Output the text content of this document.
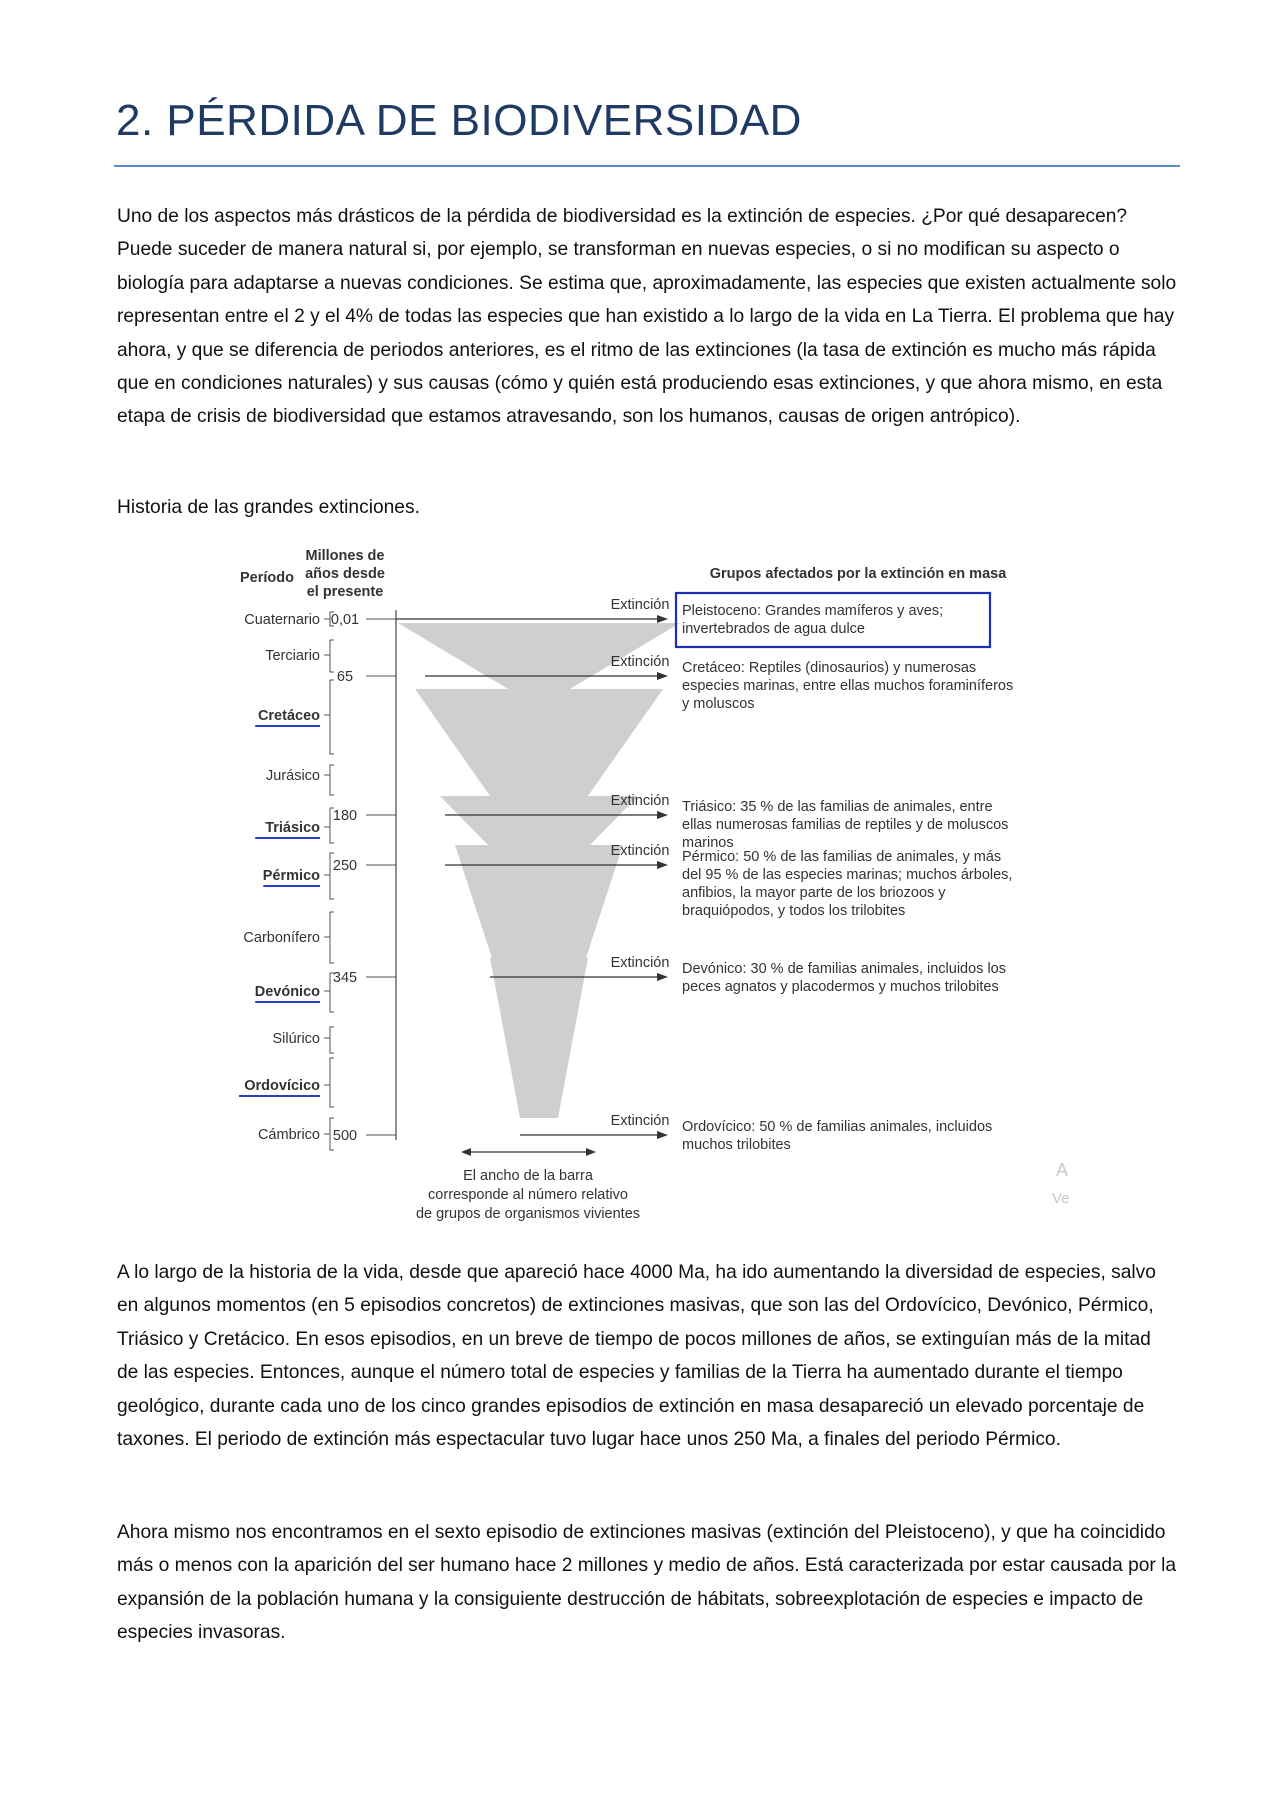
2. PÉRDIDA DE BIODIVERSIDAD

Uno de los aspectos más drásticos de la pérdida de biodiversidad es la extinción de especies. ¿Por qué desaparecen? Puede suceder de manera natural si, por ejemplo, se transforman en nuevas especies, o si no modifican su aspecto o biología para adaptarse a nuevas condiciones. Se estima que, aproximadamente, las especies que existen actualmente solo representan entre el 2 y el 4% de todas las especies que han existido a lo largo de la vida en La Tierra. El problema que hay ahora, y que se diferencia de periodos anteriores, es el ritmo de las extinciones (la tasa de extinción es mucho más rápida que en condiciones naturales) y sus causas (cómo y quién está produciendo esas extinciones, y que ahora mismo, en esta etapa de crisis de biodiversidad que estamos atravesando, son los humanos, causas de origen antrópico).

Historia de las grandes extinciones.

Período
Millones de
años desde
el presente
Grupos afectados por la extinción en masa
Cuaternario
Terciario
Cretáceo
Jurásico
Triásico
Pérmico
Carbonífero
Devónico
Silúrico
Ordovícico
Cámbrico
0,01
65
180
250
345
500
Extinción Pleistoceno: Grandes mamíferos y aves;
invertebrados de agua dulce
Extinción Cretáceo: Reptiles (dinosaurios) y numerosas
especies marinas, entre ellas muchos foraminíferos
y moluscos
Extinción Triásico: 35 % de las familias de animales, entre
ellas numerosas familias de reptiles y de moluscos
marinos
Extinción Pérmico: 50 % de las familias de animales, y más
del 95 % de las especies marinas; muchos árboles,
anfibios, la mayor parte de los briozoos y
braquiópodos, y todos los trilobites
Extinción Devónico: 30 % de familias animales, incluidos los
peces agnatos y placodermos y muchos trilobites
Extinción Ordovícico: 50 % de familias animales, incluidos
muchos trilobites
El ancho de la barra
corresponde al número relativo
de grupos de organismos vivientes
A
Ve

A lo largo de la historia de la vida, desde que apareció hace 4000 Ma, ha ido aumentando la diversidad de especies, salvo en algunos momentos (en 5 episodios concretos) de extinciones masivas, que son las del Ordovícico, Devónico, Pérmico, Triásico y Cretácico. En esos episodios, en un breve de tiempo de pocos millones de años, se extinguían más de la mitad de las especies. Entonces, aunque el número total de especies y familias de la Tierra ha aumentado durante el tiempo geológico, durante cada uno de los cinco grandes episodios de extinción en masa desapareció un elevado porcentaje de taxones. El periodo de extinción más espectacular tuvo lugar hace unos 250 Ma, a finales del periodo Pérmico.

Ahora mismo nos encontramos en el sexto episodio de extinciones masivas (extinción del Pleistoceno), y que ha coincidido más o menos con la aparición del ser humano hace 2 millones y medio de años. Está caracterizada por estar causada por la expansión de la población humana y la consiguiente destrucción de hábitats, sobreexplotación de especies e impacto de especies invasoras.
